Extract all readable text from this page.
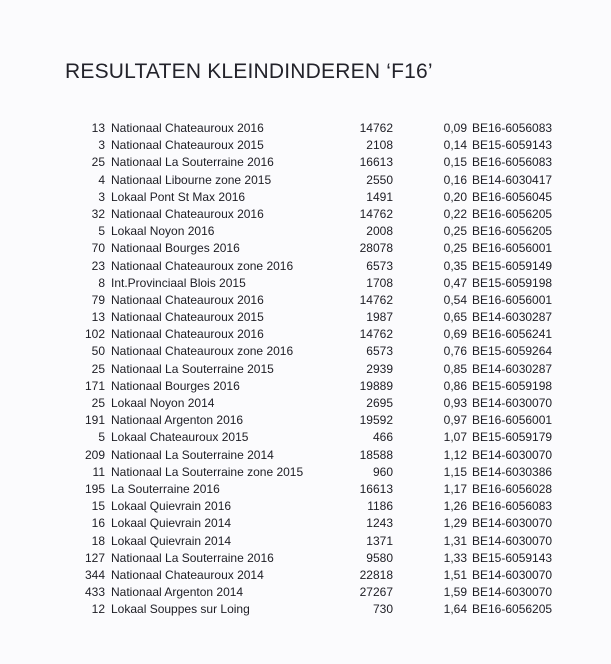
RESULTATEN KLEINDINDEREN ‘F16’
13 Nationaal Chateauroux 2016	14762	0,09 BE16-6056083
3 Nationaal Chateauroux 2015	2108	0,14 BE15-6059143
25 Nationaal La Souterraine 2016	16613	0,15 BE16-6056083
4 Nationaal Libourne zone 2015	2550	0,16 BE14-6030417
3 Lokaal Pont St Max 2016	1491	0,20 BE16-6056045
32 Nationaal Chateauroux 2016	14762	0,22 BE16-6056205
5 Lokaal Noyon 2016	2008	0,25 BE16-6056205
70 Nationaal Bourges 2016	28078	0,25 BE16-6056001
23 Nationaal Chateauroux zone 2016	6573	0,35 BE15-6059149
8 Int.Provinciaal Blois 2015	1708	0,47 BE15-6059198
79 Nationaal Chateauroux 2016	14762	0,54 BE16-6056001
13 Nationaal Chateauroux 2015	1987	0,65 BE14-6030287
102 Nationaal Chateauroux 2016	14762	0,69 BE16-6056241
50 Nationaal Chateauroux zone 2016	6573	0,76 BE15-6059264
25 Nationaal La Souterraine 2015	2939	0,85 BE14-6030287
171 Nationaal Bourges 2016	19889	0,86 BE15-6059198
25 Lokaal Noyon 2014	2695	0,93 BE14-6030070
191 Nationaal Argenton 2016	19592	0,97 BE16-6056001
5 Lokaal Chateauroux 2015	466	1,07 BE15-6059179
209 Nationaal La Souterraine 2014	18588	1,12 BE14-6030070
11 Nationaal La Souterraine zone 2015	960	1,15 BE14-6030386
195 La Souterraine 2016	16613	1,17 BE16-6056028
15 Lokaal Quievrain 2016	1186	1,26 BE16-6056083
16 Lokaal Quievrain 2014	1243	1,29 BE14-6030070
18 Lokaal Quievrain 2014	1371	1,31 BE14-6030070
127 Nationaal La Souterraine 2016	9580	1,33 BE15-6059143
344 Nationaal Chateauroux 2014	22818	1,51 BE14-6030070
433 Nationaal Argenton 2014	27267	1,59 BE14-6030070
12 Lokaal Souppes sur Loing	730	1,64 BE16-6056205
